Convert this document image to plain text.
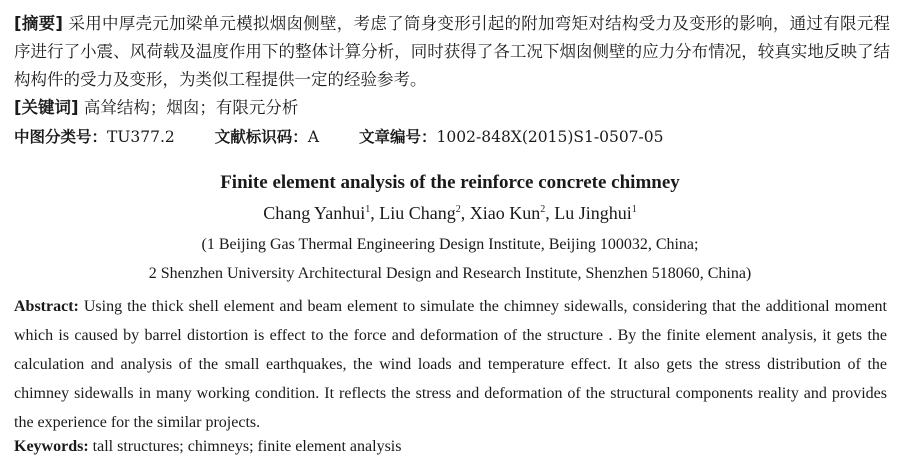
[摘要] 采用中厚壳元加梁单元模拟烟囱侧壁，考虑了筒身变形引起的附加弯矩对结构受力及变形的影响，通过有限元程序进行了小震、风荷载及温度作用下的整体计算分析，同时获得了各工况下烟囱侧壁的应力分布情况，较真实地反映了结构构件的受力及变形，为类似工程提供一定的经验参考。

[关键词] 高耸结构；烟囱；有限元分析

中图分类号：TU377.2	文献标识码：A	文章编号：1002-848X(2015)S1-0507-05
Finite element analysis of the reinforce concrete chimney
Chang Yanhui$^1$, Liu Chang$^2$, Xiao Kun$^2$, Lu Jinghui$^1$
(1 Beijing Gas Thermal Engineering Design Institute, Beijing 100032, China;
2 Shenzhen University Architectural Design and Research Institute, Shenzhen 518060, China)

Abstract: Using the thick shell element and beam element to simulate the chimney sidewalls, considering that the additional moment which is caused by barrel distortion is effect to the force and deformation of the structure . By the finite element analysis, it gets the calculation and analysis of the small earthquakes, the wind loads and temperature effect. It also gets the stress distribution of the chimney sidewalls in many working condition. It reflects the stress and deformation of the structural components reality and provides the experience for the similar projects.

Keywords: tall structures; chimneys; finite element analysis
